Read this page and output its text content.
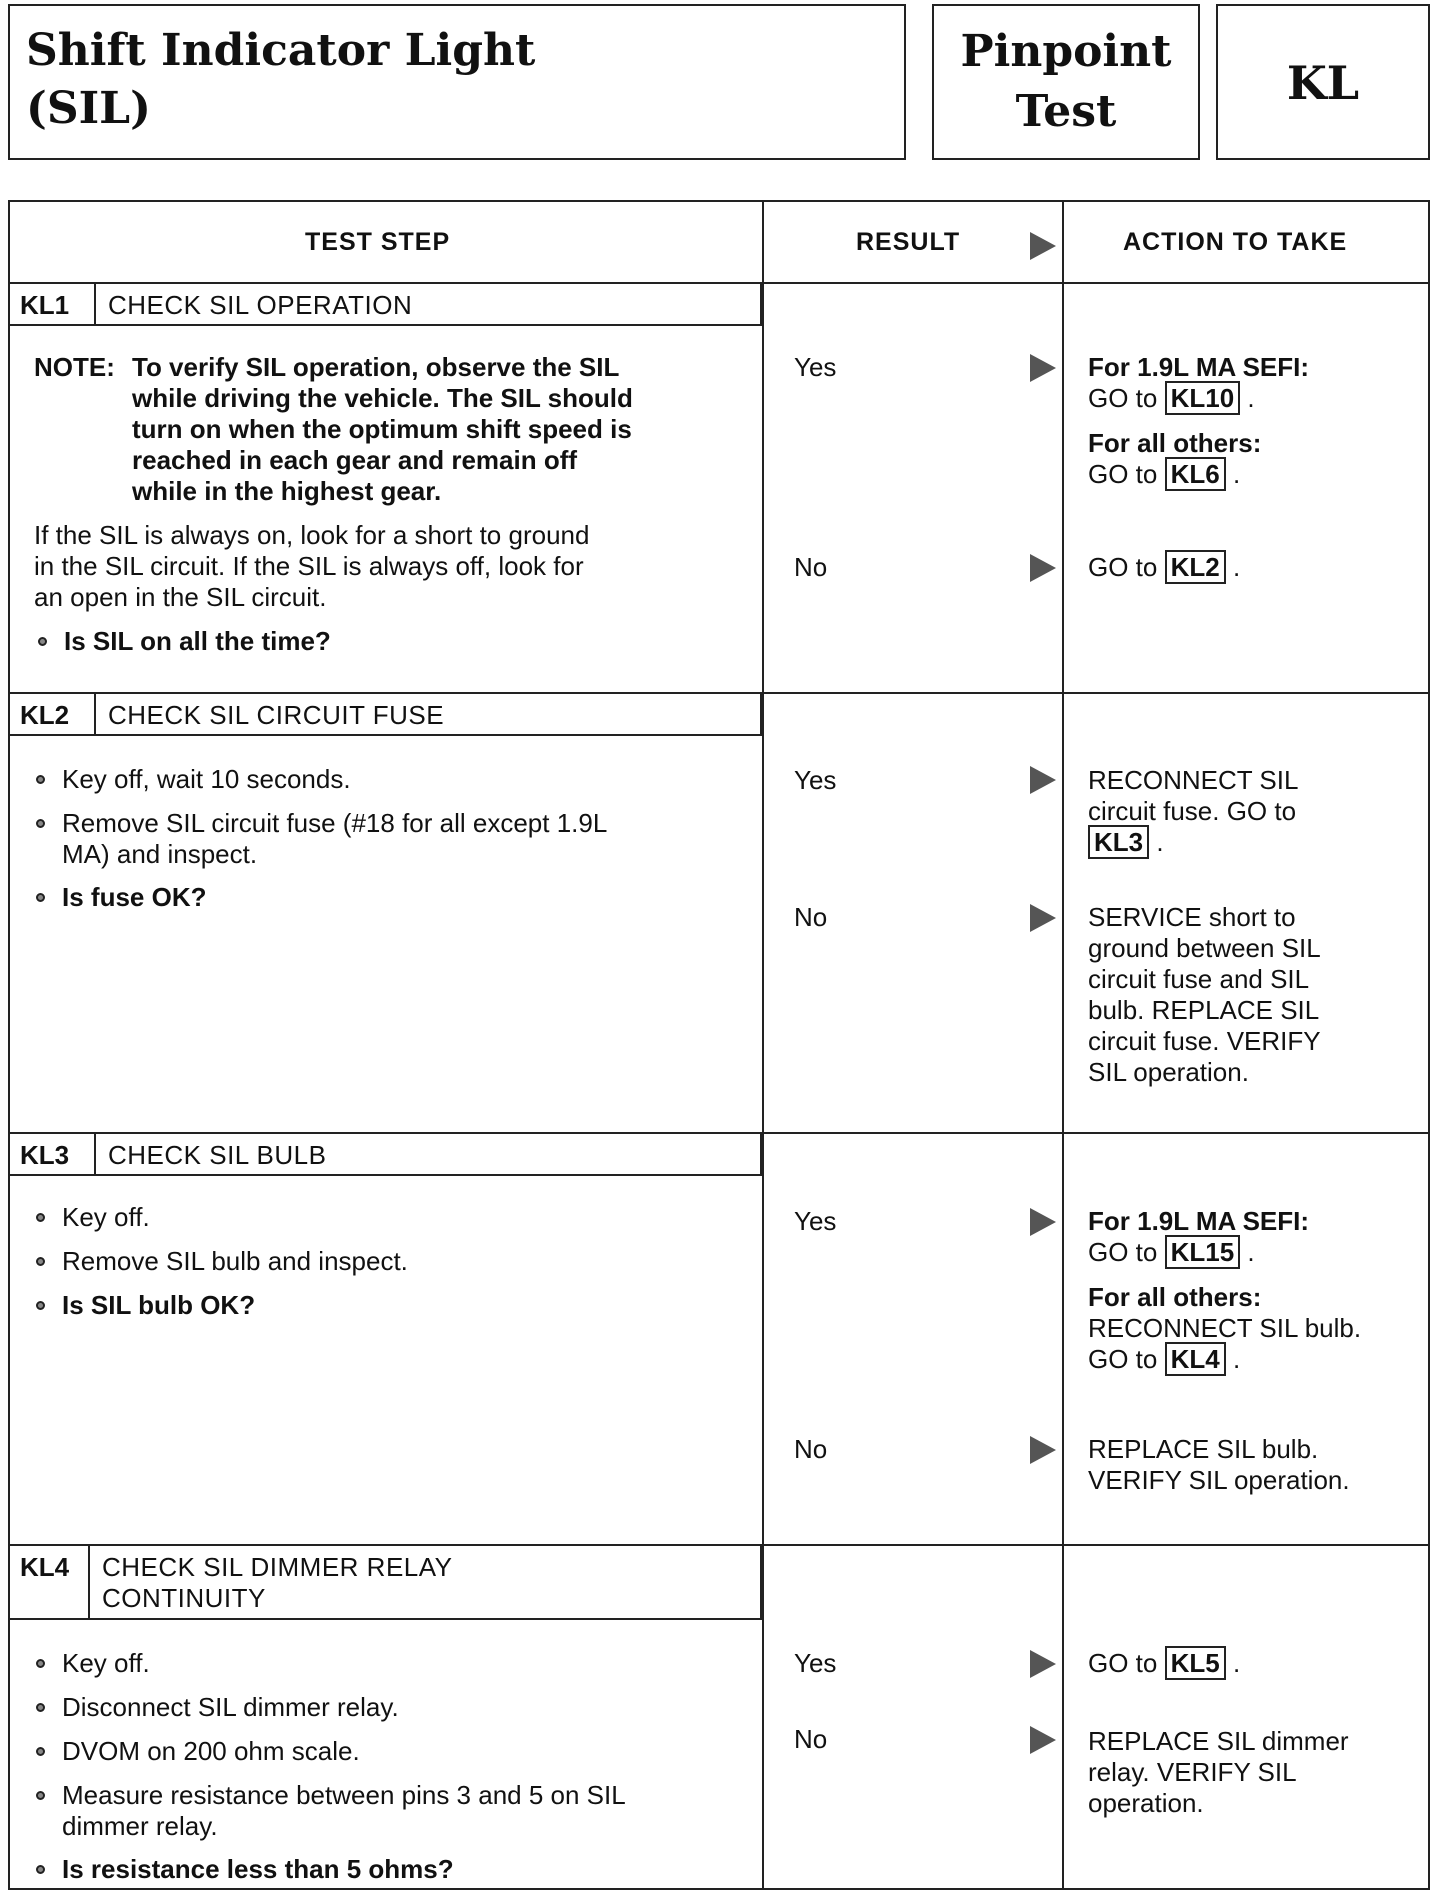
Shift Indicator Light
(SIL)
Pinpoint
Test
KL
TEST STEP	RESULT	ACTION TO TAKE
KL1 CHECK SIL OPERATION
NOTE: To verify SIL operation, observe the SIL
while driving the vehicle. The SIL should
turn on when the optimum shift speed is
reached in each gear and remain off
while in the highest gear.
If the SIL is always on, look for a short to ground
in the SIL circuit. If the SIL is always off, look for
an open in the SIL circuit.
Is SIL on all the time?
Yes
No
For 1.9L MA SEFI:
GO to KL10 .
For all others:
GO to KL6 .
GO to KL2 .
KL2 CHECK SIL CIRCUIT FUSE
Key off, wait 10 seconds.
Remove SIL circuit fuse (#18 for all except 1.9L
MA) and inspect.
Is fuse OK?
Yes
No
RECONNECT SIL
circuit fuse. GO to
KL3 .
SERVICE short to
ground between SIL
circuit fuse and SIL
bulb. REPLACE SIL
circuit fuse. VERIFY
SIL operation.
KL3 CHECK SIL BULB
Key off.
Remove SIL bulb and inspect.
Is SIL bulb OK?
Yes
No
For 1.9L MA SEFI:
GO to KL15 .
For all others:
RECONNECT SIL bulb.
GO to KL4 .
REPLACE SIL bulb.
VERIFY SIL operation.
KL4 CHECK SIL DIMMER RELAY
CONTINUITY
Key off.
Disconnect SIL dimmer relay.
DVOM on 200 ohm scale.
Measure resistance between pins 3 and 5 on SIL
dimmer relay.
Is resistance less than 5 ohms?
Yes
No
GO to KL5 .
REPLACE SIL dimmer
relay. VERIFY SIL
operation.
